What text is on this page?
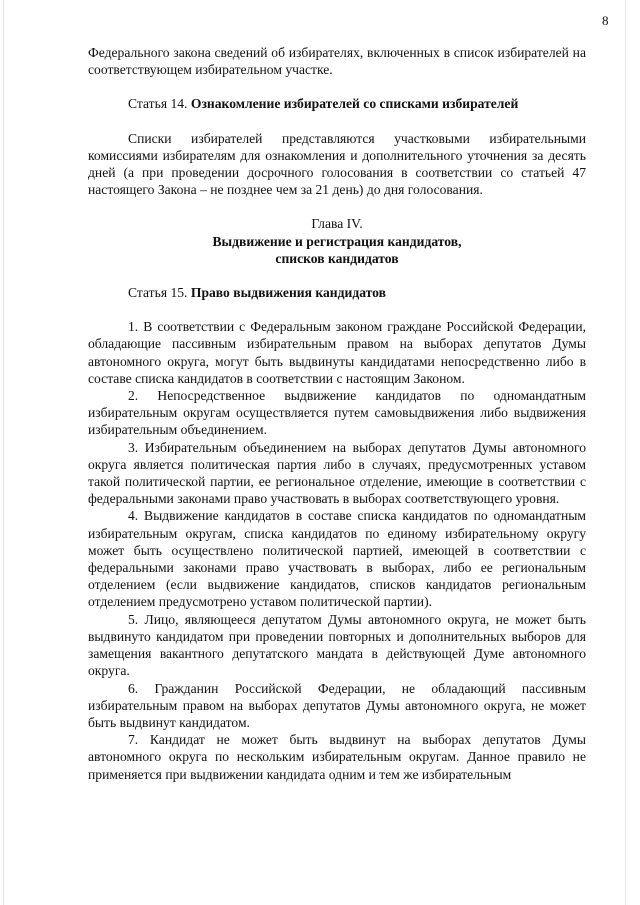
8

Федерального закона сведений об избирателях, включенных в список избирателей на соответствующем избирательном участке.

Статья 14. Ознакомление избирателей со списками избирателей

Списки избирателей представляются участковыми избирательными комиссиями избирателям для ознакомления и дополнительного уточнения за десять дней (а при проведении досрочного голосования в соответствии со статьей 47 настоящего Закона – не позднее чем за 21 день) до дня голосования.

Глава IV.
Выдвижение и регистрация кандидатов,
списков кандидатов

Статья 15. Право выдвижения кандидатов

1. В соответствии с Федеральным законом граждане Российской Федерации, обладающие пассивным избирательным правом на выборах депутатов Думы автономного округа, могут быть выдвинуты кандидатами непосредственно либо в составе списка кандидатов в соответствии с настоящим Законом.

2. Непосредственное выдвижение кандидатов по одномандатным избирательным округам осуществляется путем самовыдвижения либо выдвижения избирательным объединением.

3. Избирательным объединением на выборах депутатов Думы автономного округа является политическая партия либо в случаях, предусмотренных уставом такой политической партии, ее региональное отделение, имеющие в соответствии с федеральными законами право участвовать в выборах соответствующего уровня.

4. Выдвижение кандидатов в составе списка кандидатов по одномандатным избирательным округам, списка кандидатов по единому избирательному округу может быть осуществлено политической партией, имеющей в соответствии с федеральными законами право участвовать в выборах, либо ее региональным отделением (если выдвижение кандидатов, списков кандидатов региональным отделением предусмотрено уставом политической партии).

5. Лицо, являющееся депутатом Думы автономного округа, не может быть выдвинуто кандидатом при проведении повторных и дополнительных выборов для замещения вакантного депутатского мандата в действующей Думе автономного округа.

6. Гражданин Российской Федерации, не обладающий пассивным избирательным правом на выборах депутатов Думы автономного округа, не может быть выдвинут кандидатом.

7. Кандидат не может быть выдвинут на выборах депутатов Думы автономного округа по нескольким избирательным округам. Данное правило не применяется при выдвижении кандидата одним и тем же избирательным
